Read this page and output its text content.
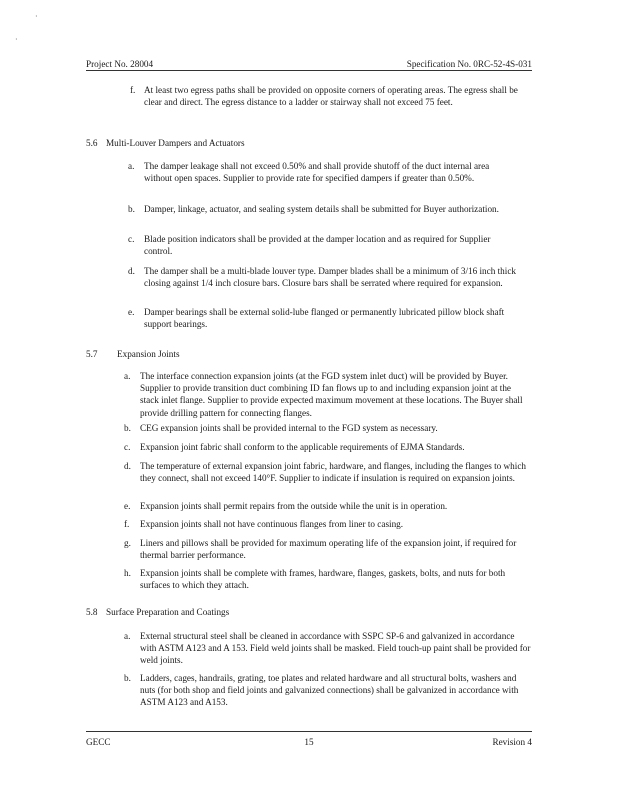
·
·
Project No. 28004	Specification No. 0RC-52-4S-031
f. At least two egress paths shall be provided on opposite corners of operating areas. The egress shall be clear and direct. The egress distance to a ladder or stairway shall not exceed 75 feet.
5.6 Multi-Louver Dampers and Actuators
a. The damper leakage shall not exceed 0.50% and shall provide shutoff of the duct internal area without open spaces. Supplier to provide rate for specified dampers if greater than 0.50%.
b. Damper, linkage, actuator, and sealing system details shall be submitted for Buyer authorization.
c. Blade position indicators shall be provided at the damper location and as required for Supplier control.
d. The damper shall be a multi-blade louver type. Damper blades shall be a minimum of 3/16 inch thick closing against 1/4 inch closure bars. Closure bars shall be serrated where required for expansion.
e. Damper bearings shall be external solid-lube flanged or permanently lubricated pillow block shaft support bearings.
5.7 Expansion Joints
a. The interface connection expansion joints (at the FGD system inlet duct) will be provided by Buyer. Supplier to provide transition duct combining ID fan flows up to and including expansion joint at the stack inlet flange. Supplier to provide expected maximum movement at these locations. The Buyer shall provide drilling pattern for connecting flanges.
b. CEG expansion joints shall be provided internal to the FGD system as necessary.
c. Expansion joint fabric shall conform to the applicable requirements of EJMA Standards.
d. The temperature of external expansion joint fabric, hardware, and flanges, including the flanges to which they connect, shall not exceed 140°F. Supplier to indicate if insulation is required on expansion joints.
e. Expansion joints shall permit repairs from the outside while the unit is in operation.
f. Expansion joints shall not have continuous flanges from liner to casing.
g. Liners and pillows shall be provided for maximum operating life of the expansion joint, if required for thermal barrier performance.
h. Expansion joints shall be complete with frames, hardware, flanges, gaskets, bolts, and nuts for both surfaces to which they attach.
5.8 Surface Preparation and Coatings
a. External structural steel shall be cleaned in accordance with SSPC SP-6 and galvanized in accordance with ASTM A123 and A 153. Field weld joints shall be masked. Field touch-up paint shall be provided for weld joints.
b. Ladders, cages, handrails, grating, toe plates and related hardware and all structural bolts, washers and nuts (for both shop and field joints and galvanized connections) shall be galvanized in accordance with ASTM A123 and A153.
GECC	15	Revision 4
